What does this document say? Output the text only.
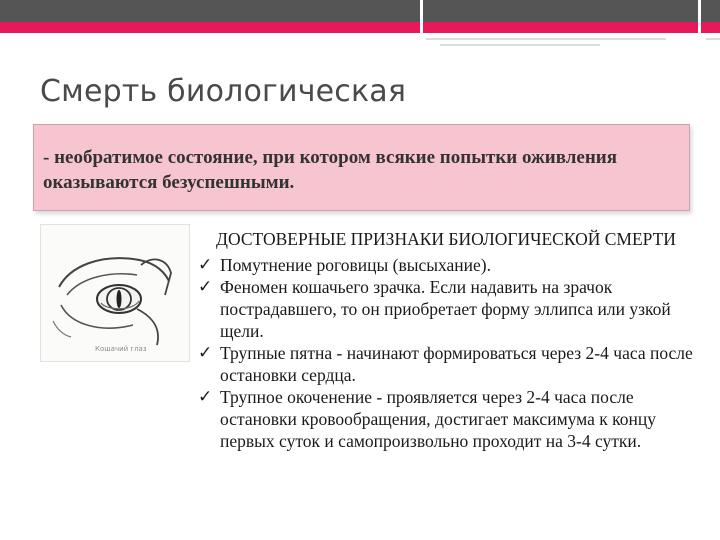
Смерть биологическая
- необратимое состояние, при котором всякие попытки оживления оказываются безуспешными.
Кошачий глаз
ДОСТОВЕРНЫЕ ПРИЗНАКИ БИОЛОГИЧЕСКОЙ СМЕРТИ
✓ Помутнение роговицы (высыхание).
✓ Феномен кошачьего зрачка. Если надавить на зрачок пострадавшего, то он приобретает форму эллипса или узкой щели.
✓ Трупные пятна - начинают формироваться через 2-4 часа после остановки сердца.
✓ Трупное окоченение - проявляется через 2-4 часа после остановки кровообращения, достигает максимума к концу первых суток и самопроизвольно проходит на 3-4 сутки.
